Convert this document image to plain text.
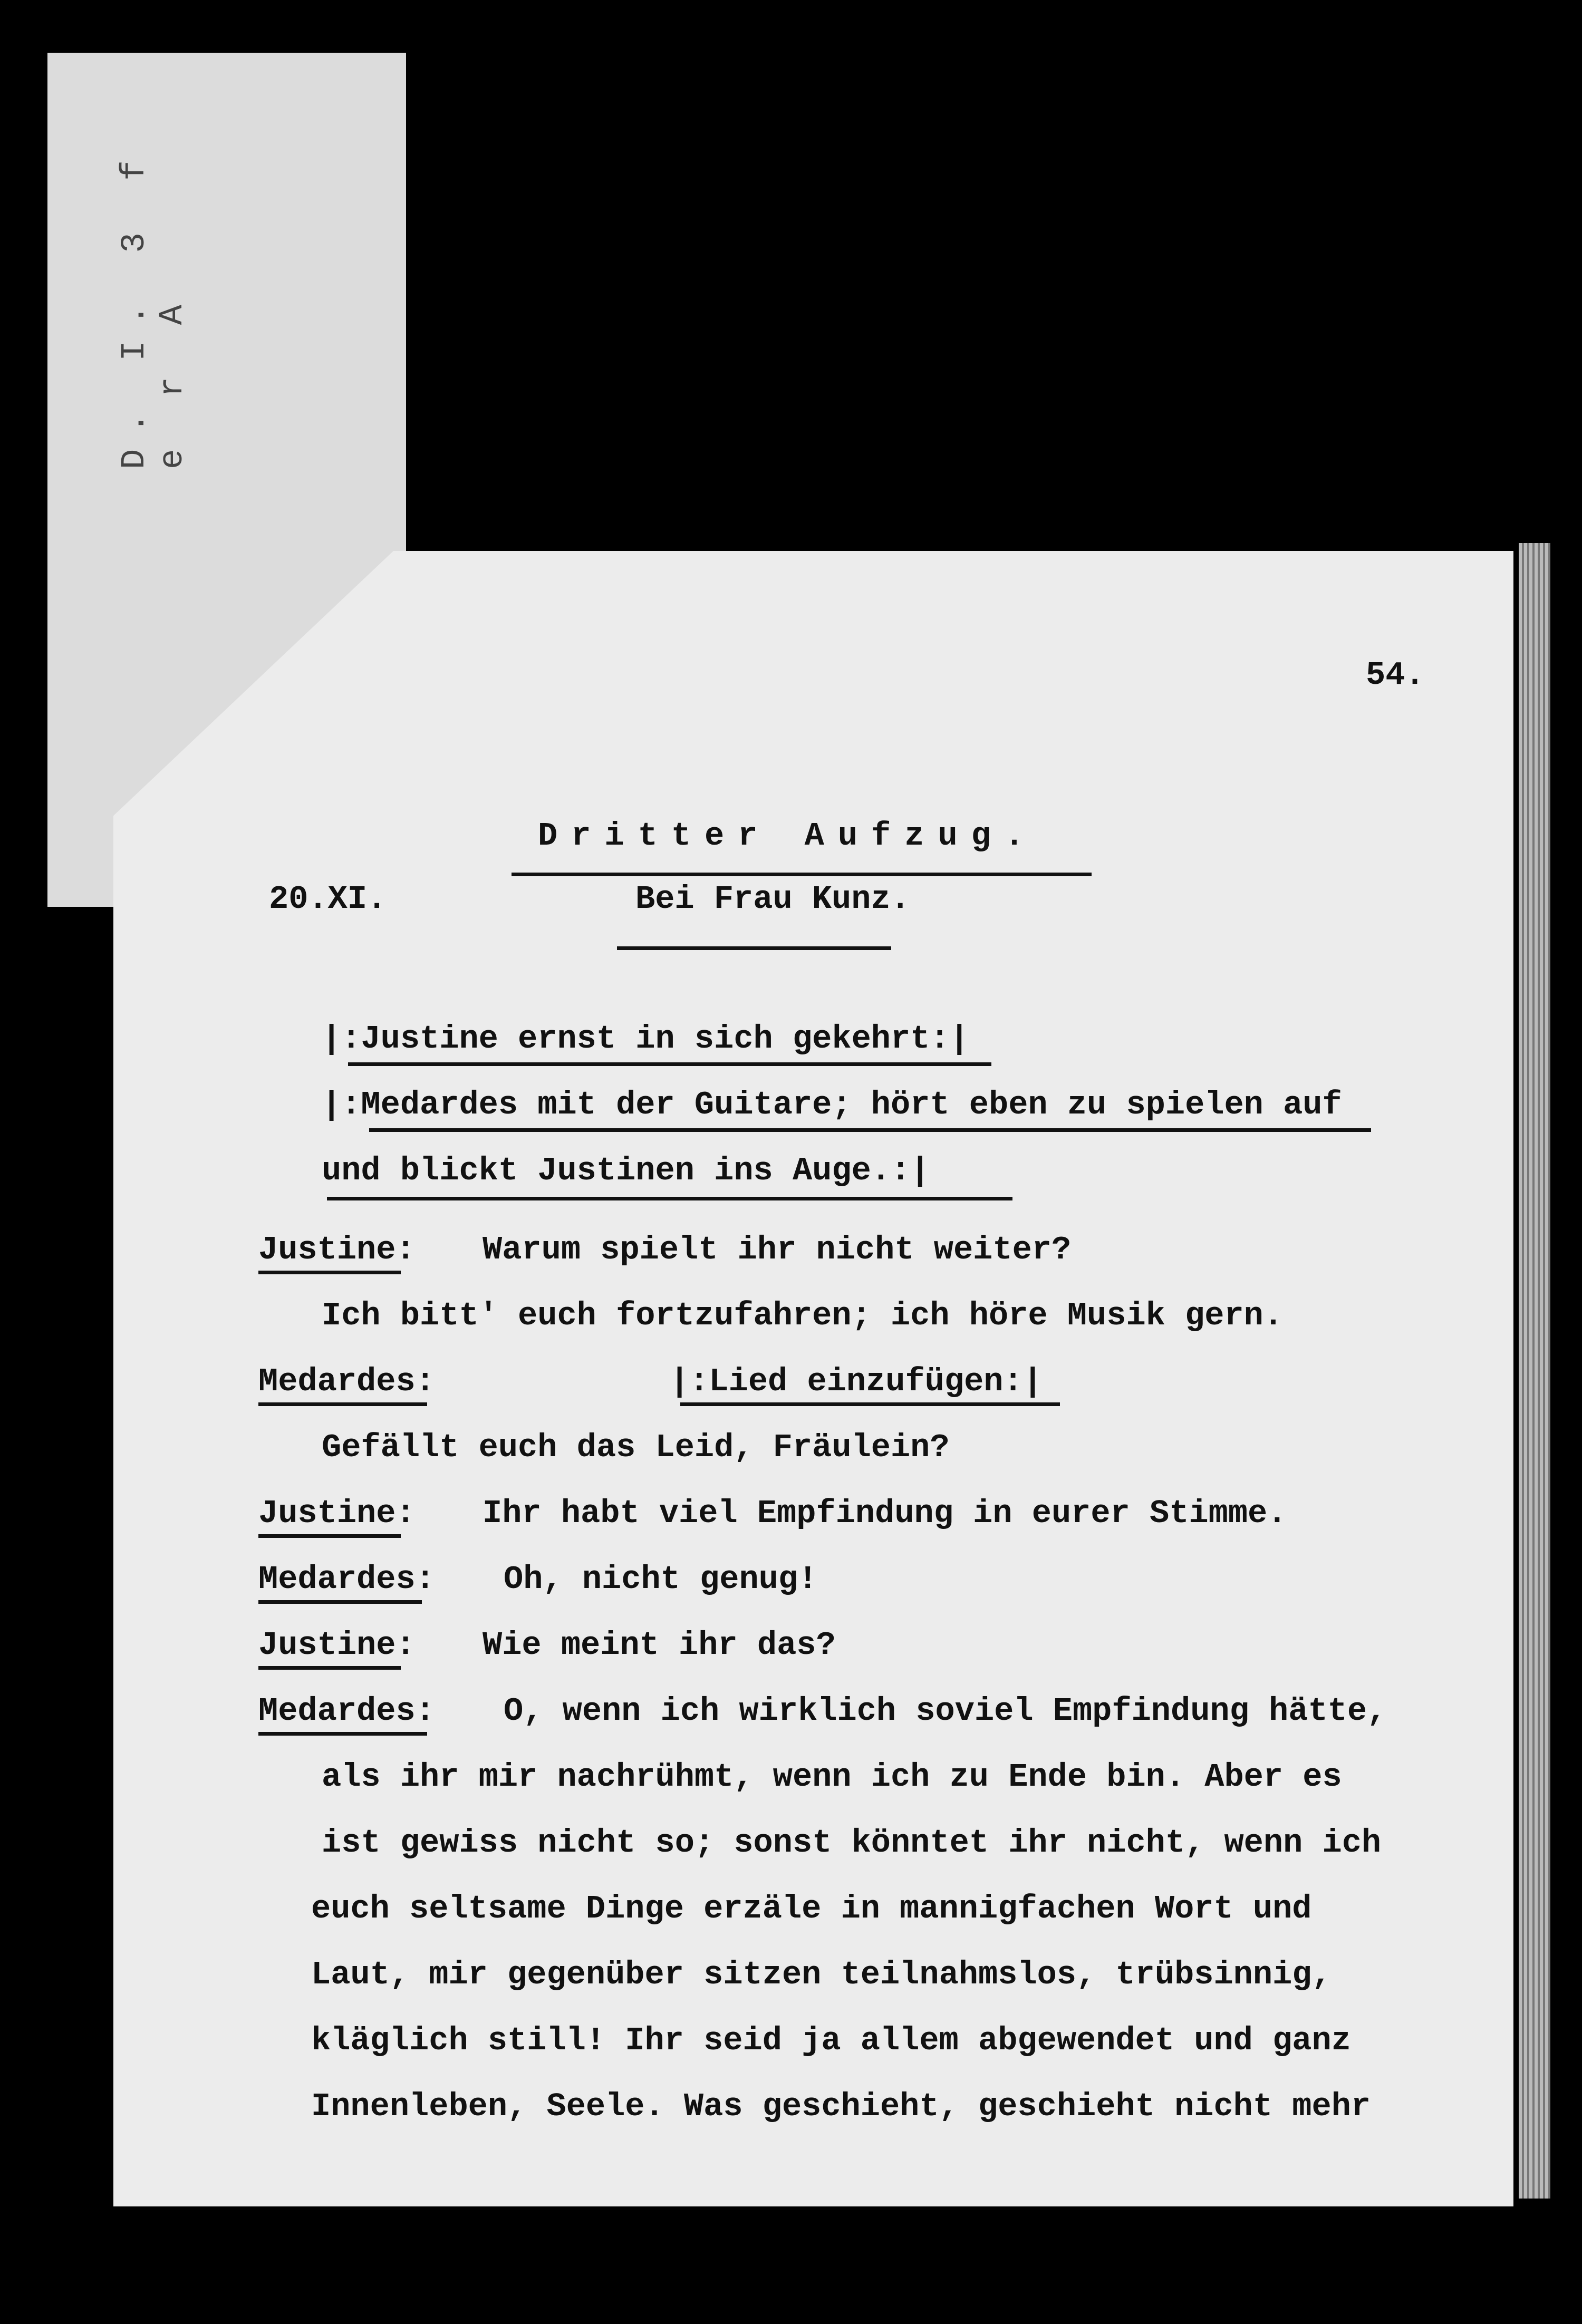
D. I. 3 f e r A
54.
Dritter Aufzug.
20.XI.	Bei Frau Kunz.
|:Justine ernst in sich gekehrt:|
|:Medardes mit der Guitare; hört eben zu spielen auf
und blickt Justinen ins Auge.:|
Justine: Warum spielt ihr nicht weiter?
Ich bitt' euch fortzufahren; ich höre Musik gern.
Medardes:	|:Lied einzufügen:|
Gefällt euch das Leid, Fräulein?
Justine: Ihr habt viel Empfindung in eurer Stimme.
Medardes: Oh, nicht genug!
Justine: Wie meint ihr das?
Medardes: O, wenn ich wirklich soviel Empfindung hätte,
als ihr mir nachrühmt, wenn ich zu Ende bin. Aber es
ist gewiss nicht so; sonst könntet ihr nicht, wenn ich
euch seltsame Dinge erzäle in mannigfachen Wort und
Laut, mir gegenüber sitzen teilnahmslos, trübsinnig,
kläglich still! Ihr seid ja allem abgewendet und ganz
Innenleben, Seele. Was geschieht, geschieht nicht mehr
